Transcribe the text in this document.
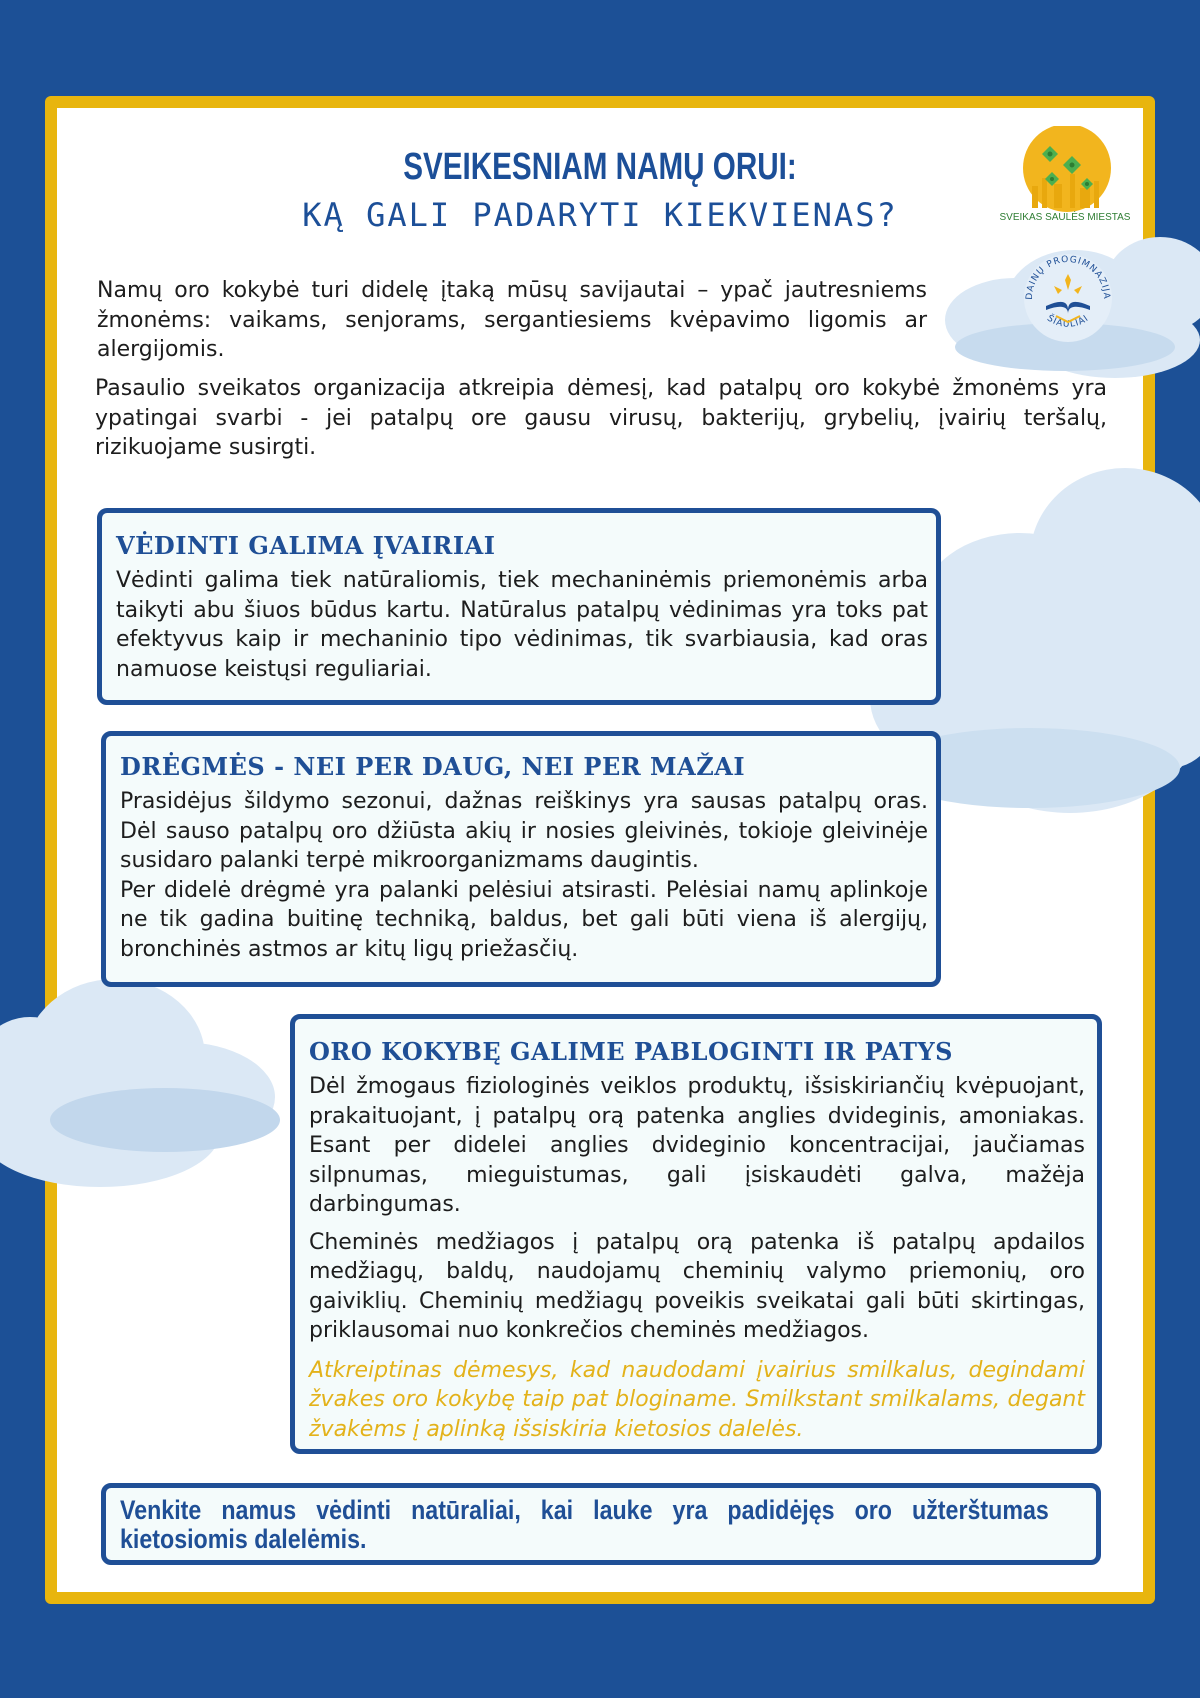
SVEIKESNIAM NAMŲ ORUI:
KĄ GALI PADARYTI KIEKVIENAS?	SVEIKAS SAULĖS MIESTAS
DAINŲ PROGIMNAZIJA
ŠIAULIAI

Namų oro kokybė turi didelę įtaką mūsų savijautai – ypač jautresniems žmonėms: vaikams, senjorams, sergantiesiems kvėpavimo ligomis ar alergijomis.

Pasaulio sveikatos organizacija atkreipia dėmesį, kad patalpų oro kokybė žmonėms yra ypatingai svarbi - jei patalpų ore gausu virusų, bakterijų, grybelių, įvairių teršalų, rizikuojame susirgti.

VĖDINTI GALIMA ĮVAIRIAI

Vėdinti galima tiek natūraliomis, tiek mechaninėmis priemonėmis arba taikyti abu šiuos būdus kartu. Natūralus patalpų vėdinimas yra toks pat efektyvus kaip ir mechaninio tipo vėdinimas, tik svarbiausia, kad oras namuose keistųsi reguliariai.

DRĖGMĖS - NEI PER DAUG, NEI PER MAŽAI

Prasidėjus šildymo sezonui, dažnas reiškinys yra sausas patalpų oras. Dėl sauso patalpų oro džiūsta akių ir nosies gleivinės, tokioje gleivinėje susidaro palanki terpė mikroorganizmams daugintis.

Per didelė drėgmė yra palanki pelėsiui atsirasti. Pelėsiai namų aplinkoje ne tik gadina buitinę techniką, baldus, bet gali būti viena iš alergijų, bronchinės astmos ar kitų ligų priežasčių.

ORO KOKYBĘ GALIME PABLOGINTI IR PATYS

Dėl žmogaus fiziologinės veiklos produktų, išsiskiriančių kvėpuojant, prakaituojant, į patalpų orą patenka anglies dvideginis, amoniakas. Esant per didelei anglies dvideginio koncentracijai, jaučiamas silpnumas, mieguistumas, gali įsiskaudėti galva, mažėja darbingumas.

Cheminės medžiagos į patalpų orą patenka iš patalpų apdailos medžiagų, baldų, naudojamų cheminių valymo priemonių, oro gaiviklių. Cheminių medžiagų poveikis sveikatai gali būti skirtingas, priklausomai nuo konkrečios cheminės medžiagos.

Atkreiptinas dėmesys, kad naudodami įvairius smilkalus, degindami žvakes oro kokybę taip pat bloginame. Smilkstant smilkalams, degant žvakėms į aplinką išsiskiria kietosios dalelės.

Venkite namus vėdinti natūraliai, kai lauke yra padidėjęs oro užterštumas kietosiomis dalelėmis.
